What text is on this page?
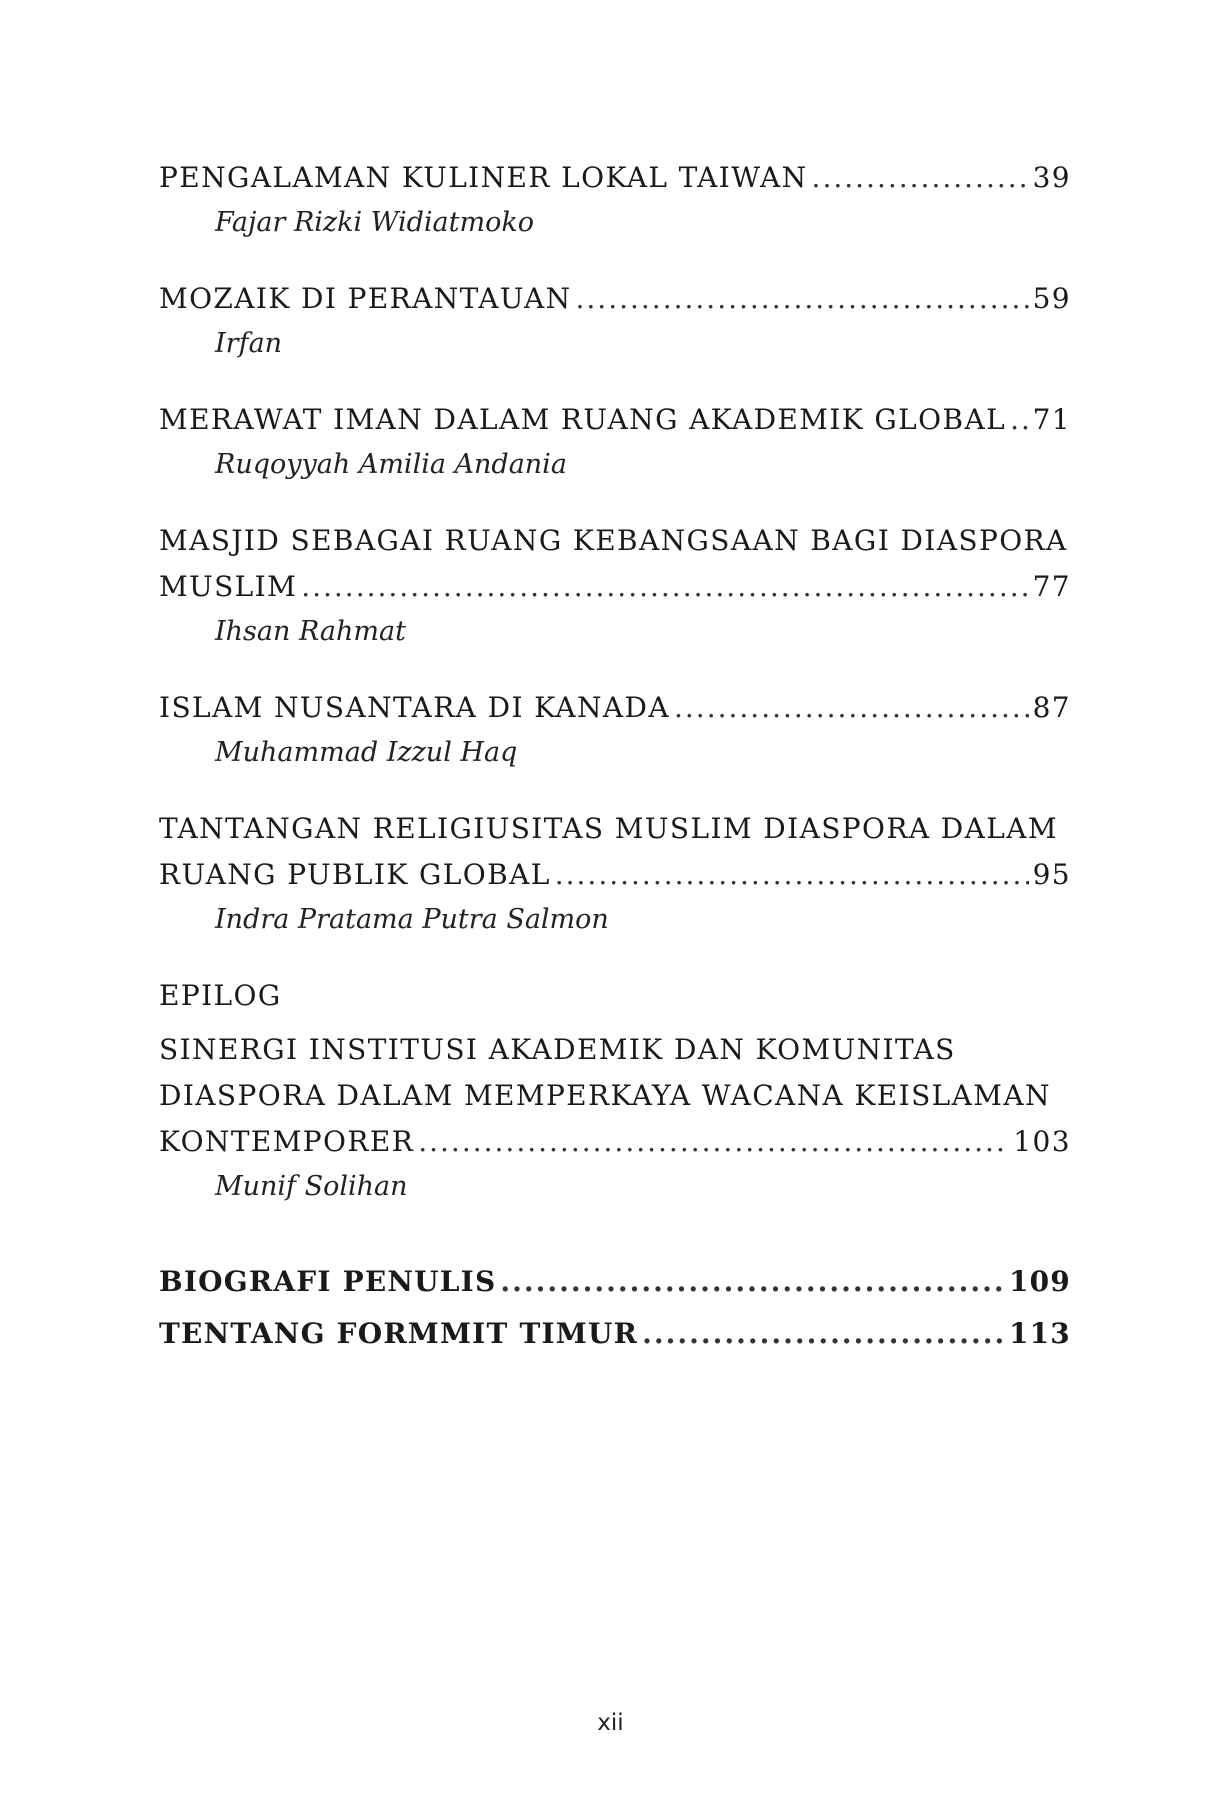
PENGALAMAN KULINER LOKAL TAIWAN .....	39
Fajar Rizki Widiatmoko
MOZAIK DI PERANTAUAN .....	59
Irfan
MERAWAT IMAN DALAM RUANG AKADEMIK GLOBAL ..... 71
Ruqoyyah Amilia Andania
MASJID SEBAGAI RUANG KEBANGSAAN BAGI DIASPORA
MUSLIM .....	77
Ihsan Rahmat
ISLAM NUSANTARA DI KANADA .....	87
Muhammad Izzul Haq
TANTANGAN RELIGIUSITAS MUSLIM DIASPORA DALAM
RUANG PUBLIK GLOBAL .....	95
Indra Pratama Putra Salmon
EPILOG
SINERGI INSTITUSI AKADEMIK DAN KOMUNITAS
DIASPORA DALAM MEMPERKAYA WACANA KEISLAMAN
KONTEMPORER .....	103
Munif Solihan
BIOGRAFI PENULIS .....	109
TENTANG FORMMIT TIMUR .....	113
xii
